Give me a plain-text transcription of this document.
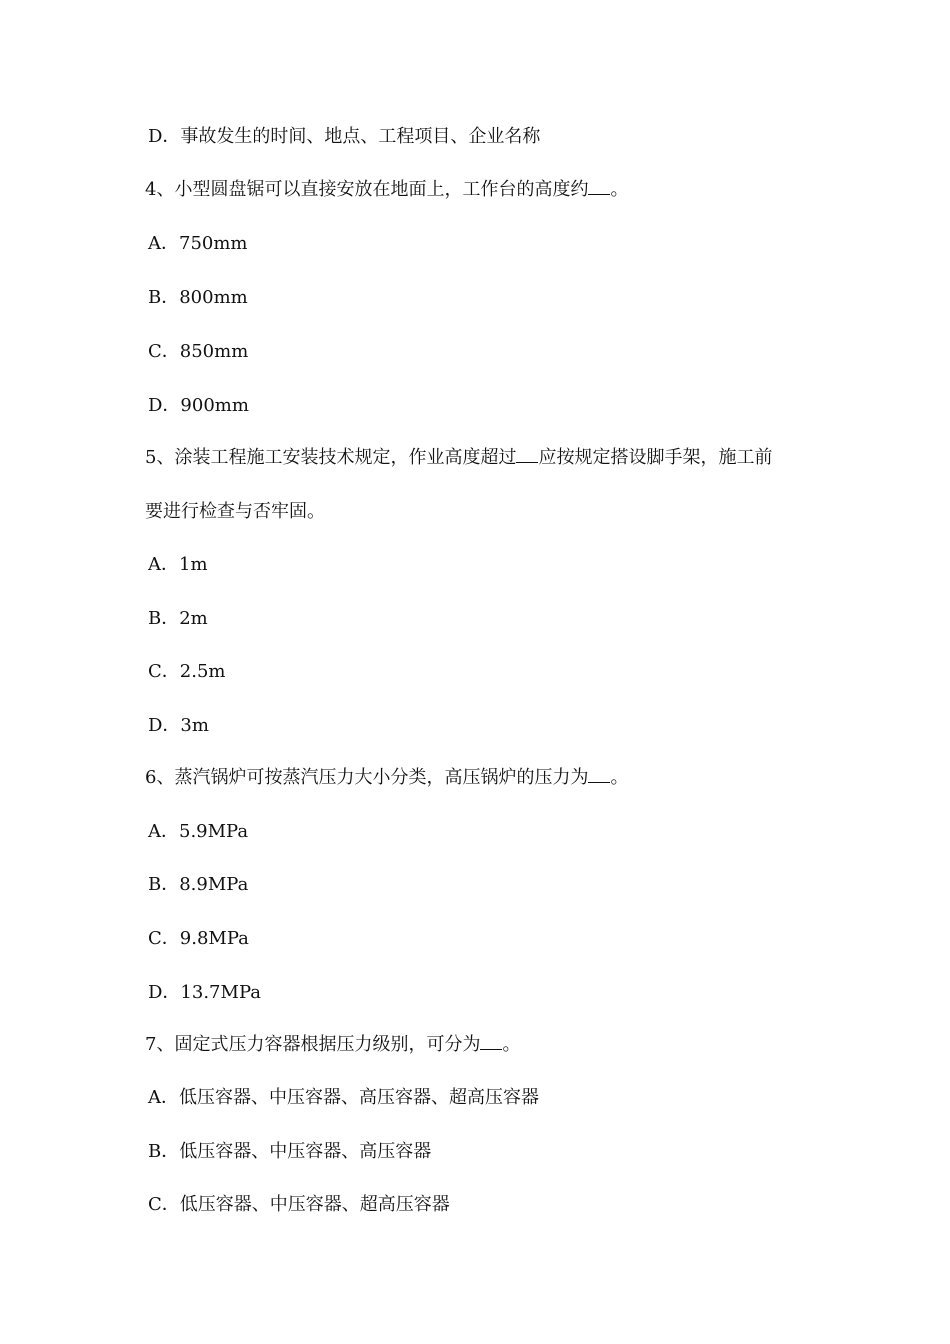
D．事故发生的时间、地点、工程项目、企业名称
4、小型圆盘锯可以直接安放在地面上，工作台的高度约 。
A．750mm
B．800mm
C．850mm
D．900mm
5、涂装工程施工安装技术规定，作业高度超过 应按规定搭设脚手架，施工前
要进行检查与否牢固。
A．1m
B．2m
C．2.5m
D．3m
6、蒸汽锅炉可按蒸汽压力大小分类，高压锅炉的压力为 。
A．5.9MPa
B．8.9MPa
C．9.8MPa
D．13.7MPa
7、固定式压力容器根据压力级别，可分为 。
A．低压容器、中压容器、高压容器、超高压容器
B．低压容器、中压容器、高压容器
C．低压容器、中压容器、超高压容器
